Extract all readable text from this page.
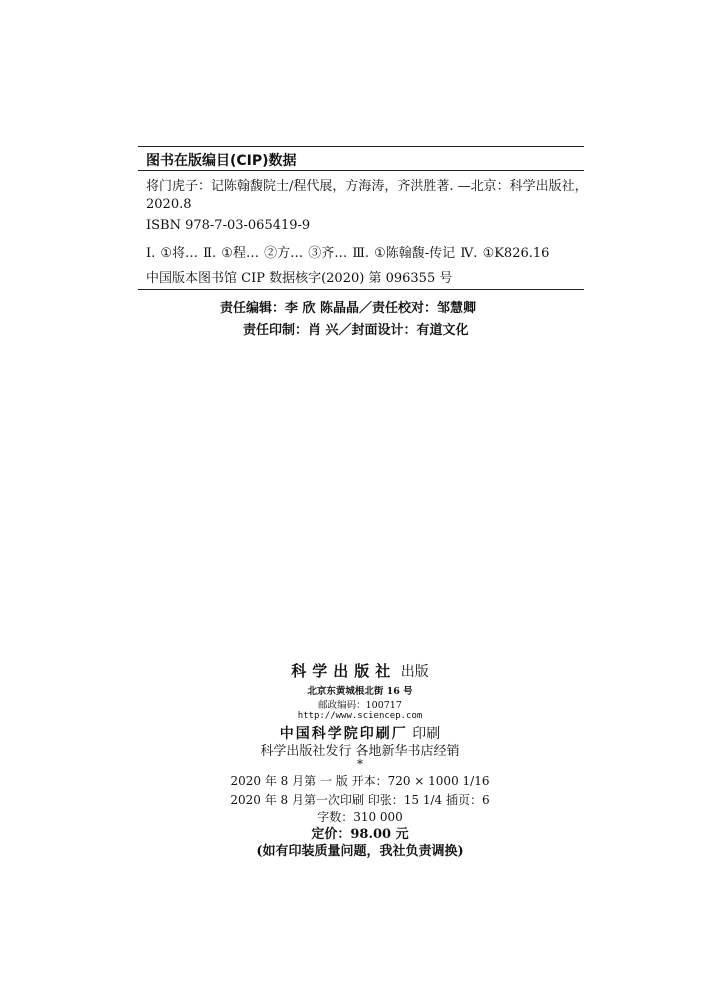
图书在版编目(CIP)数据
将门虎子：记陈翰馥院士/程代展，方海涛，齐洪胜著. —北京：科学出版社，
2020.8
ISBN 978-7-03-065419-9
Ⅰ. ①将… Ⅱ. ①程… ②方… ③齐… Ⅲ. ①陈翰馥-传记 Ⅳ. ①K826.16
中国版本图书馆 CIP 数据核字(2020) 第 096355 号
责任编辑：李 欣 陈晶晶／责任校对：邹慧卿
责任印制：肖 兴／封面设计：有道文化
科学出版社 出版
北京东黄城根北街 16 号
邮政编码：100717
http://www.sciencep.com
中国科学院印刷厂 印刷
科学出版社发行 各地新华书店经销
*
2020 年 8 月第 一 版 开本：720 × 1000 1/16
2020 年 8 月第一次印刷 印张：15 1/4 插页：6
字数：310 000
定价：98.00 元
(如有印装质量问题，我社负责调换)
